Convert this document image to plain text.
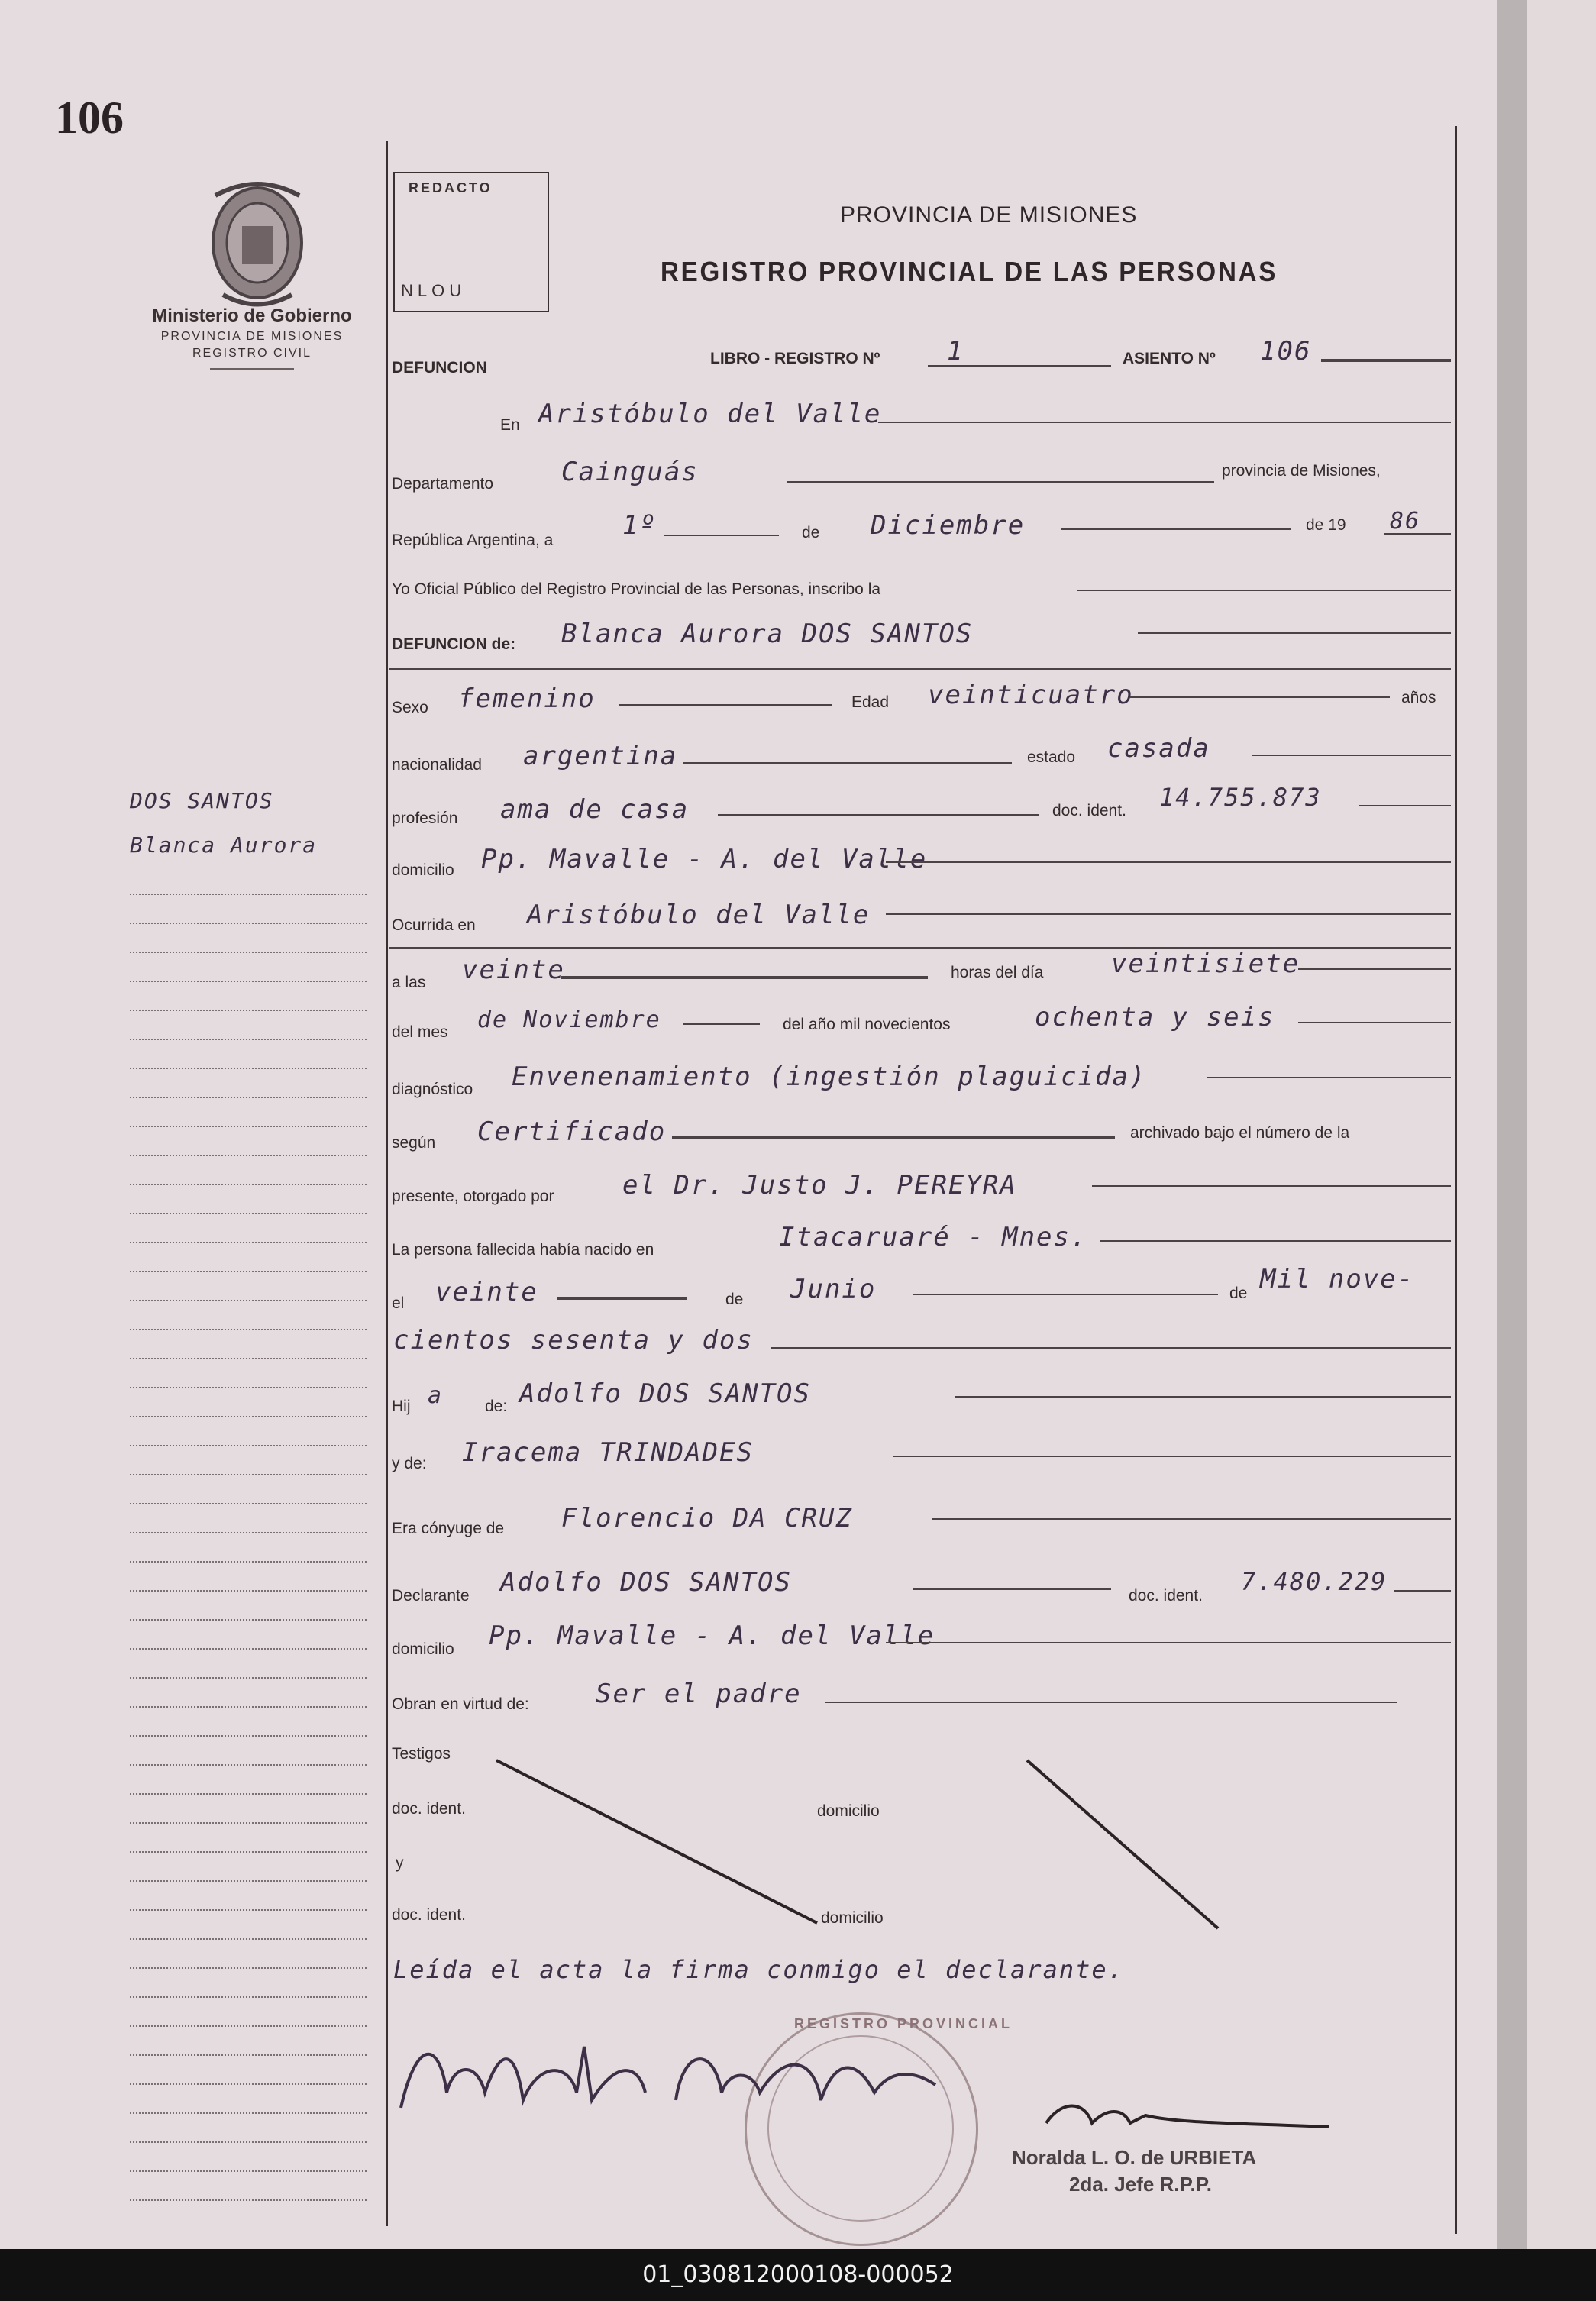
106
Ministerio de Gobierno
PROVINCIA DE MISIONES
REGISTRO CIVIL
REDACTO
NLOU
PROVINCIA DE MISIONES
REGISTRO PROVINCIAL DE LAS PERSONAS
DEFUNCION
LIBRO - REGISTRO Nº	1	ASIENTO Nº 106
En Aristóbulo del Valle
Departamento	Cainguás	provincia de Misiones,
República Argentina, a	1º	de Diciembre	de 19 86
Yo Oficial Público del Registro Provincial de las Personas, inscribo la
DEFUNCION de: Blanca Aurora DOS SANTOS
Sexo femenino	Edad veinticuatro	años
nacionalidad argentina	estado casada
profesión ama de casa	doc. ident. 14.755.873
domicilio Pp. Mavalle - A. del Valle
Ocurrida en Aristóbulo del Valle
a las veinte	horas del día	veintisiete
del mes de Noviembre	del año mil novecientos	ochenta y seis
diagnóstico Envenenamiento (ingestión plaguicida)
según Certificado	archivado bajo el número de la
presente, otorgado por	el Dr. Justo J. PEREYRA
La persona fallecida había nacido en	Itacaruaré - Mnes.
el veinte	de Junio	de Mil nove-
cientos sesenta y dos
Hij a	de: Adolfo DOS SANTOS
y de: Iracema TRINDADES
Era cónyuge de Florencio DA CRUZ
Declarante Adolfo DOS SANTOS	doc. ident. 7.480.229
domicilio Pp. Mavalle - A. del Valle
Obran en virtud de:	Ser el padre
Testigos
doc. ident.	domicilio
y
doc. ident.	domicilio
Leída el acta la firma conmigo el declarante.
REGISTRO PROVINCIAL
Noralda L. O. de URBIETA
2da. Jefe R.P.P.
DOS SANTOS
Blanca Aurora
01_030812000108-000052
